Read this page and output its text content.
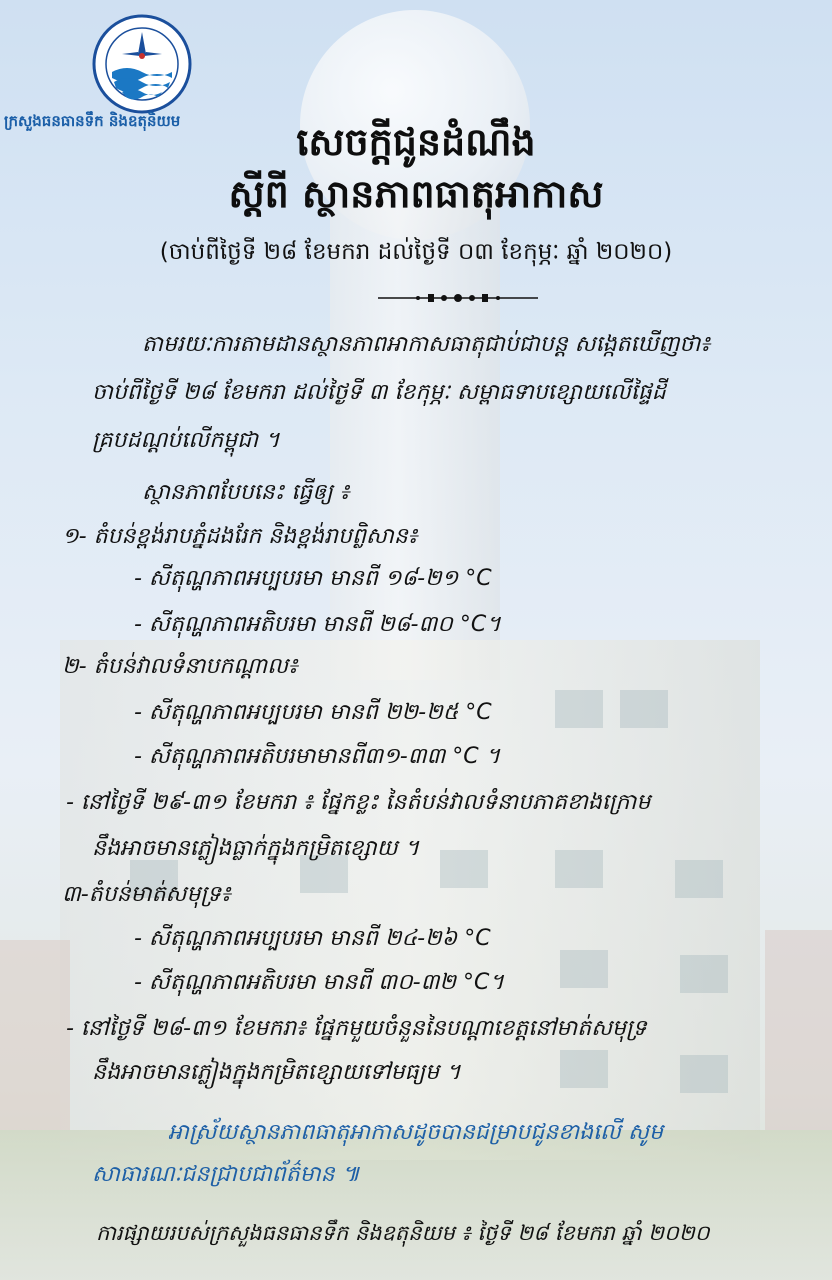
ក្រសួងធនធានទឹក និងឧតុនិយម	សេចក្តីជូនដំណឹង
ស្តីពី ស្ថានភាពធាតុអាកាស
(ចាប់ពីថ្ងៃទី ២៨ ខែមករា ដល់ថ្ងៃទី ០៣ ខែកុម្ភៈ ឆ្នាំ ២០២០)
តាមរយៈការតាមដានស្ថានភាពអាកាសធាតុជាប់ជាបន្ត សង្កេតឃើញថា៖
ចាប់ពីថ្ងៃទី ២៨ ខែមករា ដល់ថ្ងៃទី ៣ ខែកុម្ភៈ សម្ពាធទាបខ្សោយលើផ្ទៃដី
គ្របដណ្តប់លើកម្ពុជា ។
ស្ថានភាពបែបនេះ ធ្វើឲ្យ ៖
១- តំបន់ខ្ពង់រាបភ្នំដងរែក និងខ្ពង់រាបព្លិសាន៖
- សីតុណ្ហភាពអប្បបរមា មានពី ១៨-២១ °C
- សីតុណ្ហភាពអតិបរមា មានពី ២៨-៣០ °C។
២- តំបន់វាលទំនាបកណ្តាល៖
- សីតុណ្ហភាពអប្បបរមា មានពី ២២-២៥ °C
- សីតុណ្ហភាពអតិបរមាមានពី៣១-៣៣ °C ។
- នៅថ្ងៃទី ២៩-៣១ ខែមករា ៖ ផ្នែកខ្លះ នៃតំបន់វាលទំនាបភាគខាងក្រោម
នឹងអាចមានភ្លៀងធ្លាក់ក្នុងកម្រិតខ្សោយ ។
៣-តំបន់មាត់សមុទ្រ៖
- សីតុណ្ហភាពអប្បបរមា មានពី ២៤-២៦ °C
- សីតុណ្ហភាពអតិបរមា មានពី ៣០-៣២ °C។
- នៅថ្ងៃទី ២៨-៣១ ខែមករា៖ ផ្នែកមួយចំនួននៃបណ្តាខេត្តនៅមាត់សមុទ្រ
នឹងអាចមានភ្លៀងក្នុងកម្រិតខ្សោយទៅមធ្យម ។
អាស្រ័យស្ថានភាពធាតុអាកាសដូចបានជម្រាបជូនខាងលើ សូម
សាធារណៈជនជ្រាបជាព័ត៌មាន ៕
ការផ្សាយរបស់ក្រសួងធនធានទឹក និងឧតុនិយម ៖ ថ្ងៃទី ២៨ ខែមករា ឆ្នាំ ២០២០
